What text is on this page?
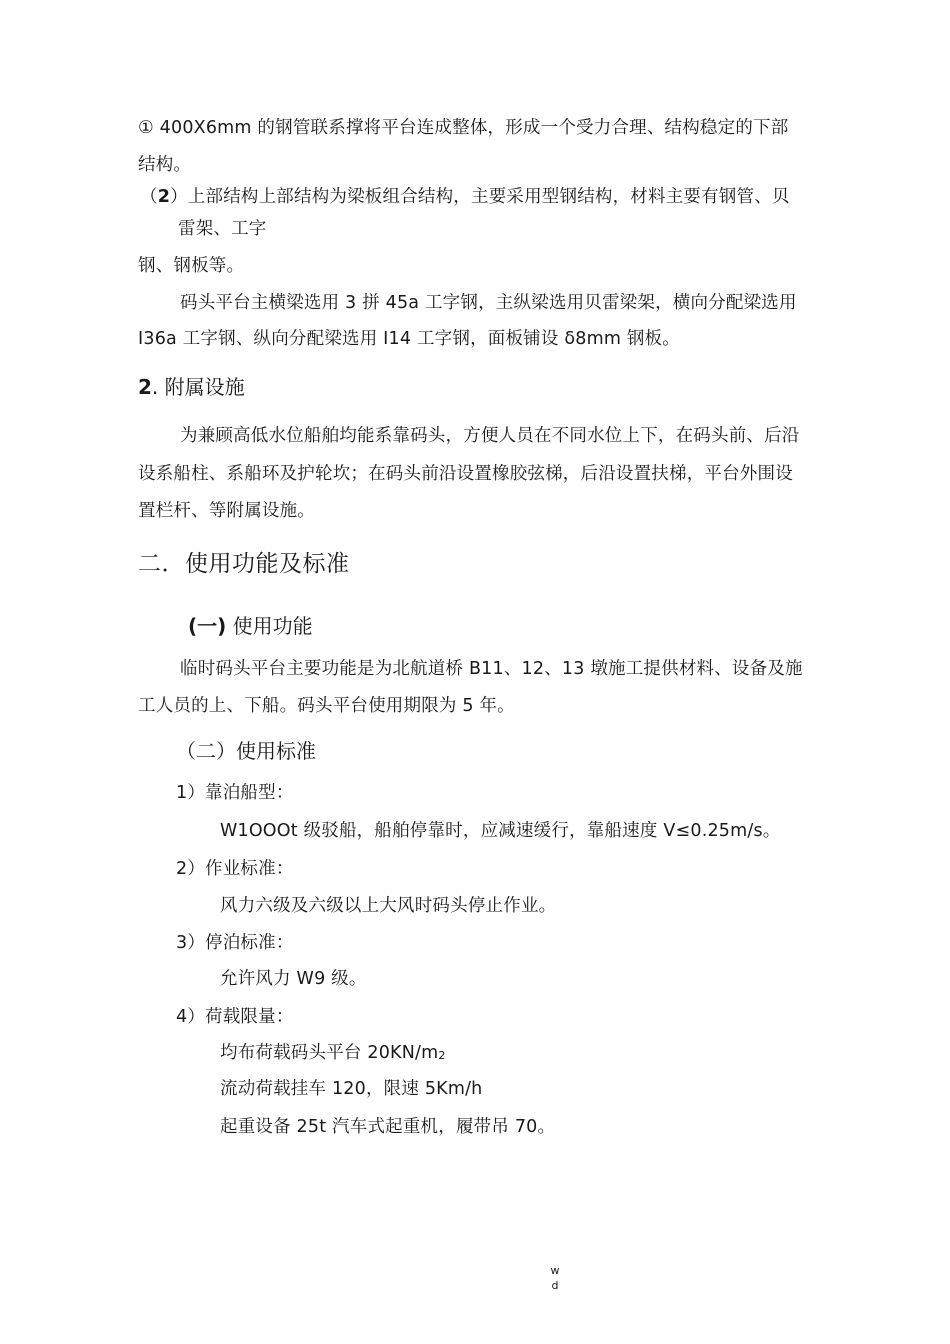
① 400X6mm 的钢管联系撑将平台连成整体，形成一个受力合理、结构稳定的下部
结构。
（2）上部结构上部结构为梁板组合结构，主要采用型钢结构，材料主要有钢管、贝
雷架、工字
钢、钢板等。
码头平台主横梁选用 3 拼 45a 工字钢，主纵梁选用贝雷梁架，横向分配梁选用
I36a 工字钢、纵向分配梁选用 I14 工字钢，面板铺设 δ8mm 钢板。
2. 附属设施
为兼顾高低水位船舶均能系靠码头，方便人员在不同水位上下，在码头前、后沿
设系船柱、系船环及护轮坎；在码头前沿设置橡胶弦梯，后沿设置扶梯，平台外围设
置栏杆、等附属设施。
二．使用功能及标准
(一) 使用功能
临时码头平台主要功能是为北航道桥 B11、12、13 墩施工提供材料、设备及施
工人员的上、下船。码头平台使用期限为 5 年。
（二）使用标准
1）靠泊船型：
W1OOOt 级驳船，船舶停靠时，应减速缓行，靠船速度 V≤0.25m/s。
2）作业标准：
风力六级及六级以上大风时码头停止作业。
3）停泊标准：
允许风力 W9 级。
4）荷载限量：
均布荷载码头平台 20KN/m2
流动荷载挂车 120，限速 5Km/h
起重设备 25t 汽车式起重机，履带吊 70。
w
d
